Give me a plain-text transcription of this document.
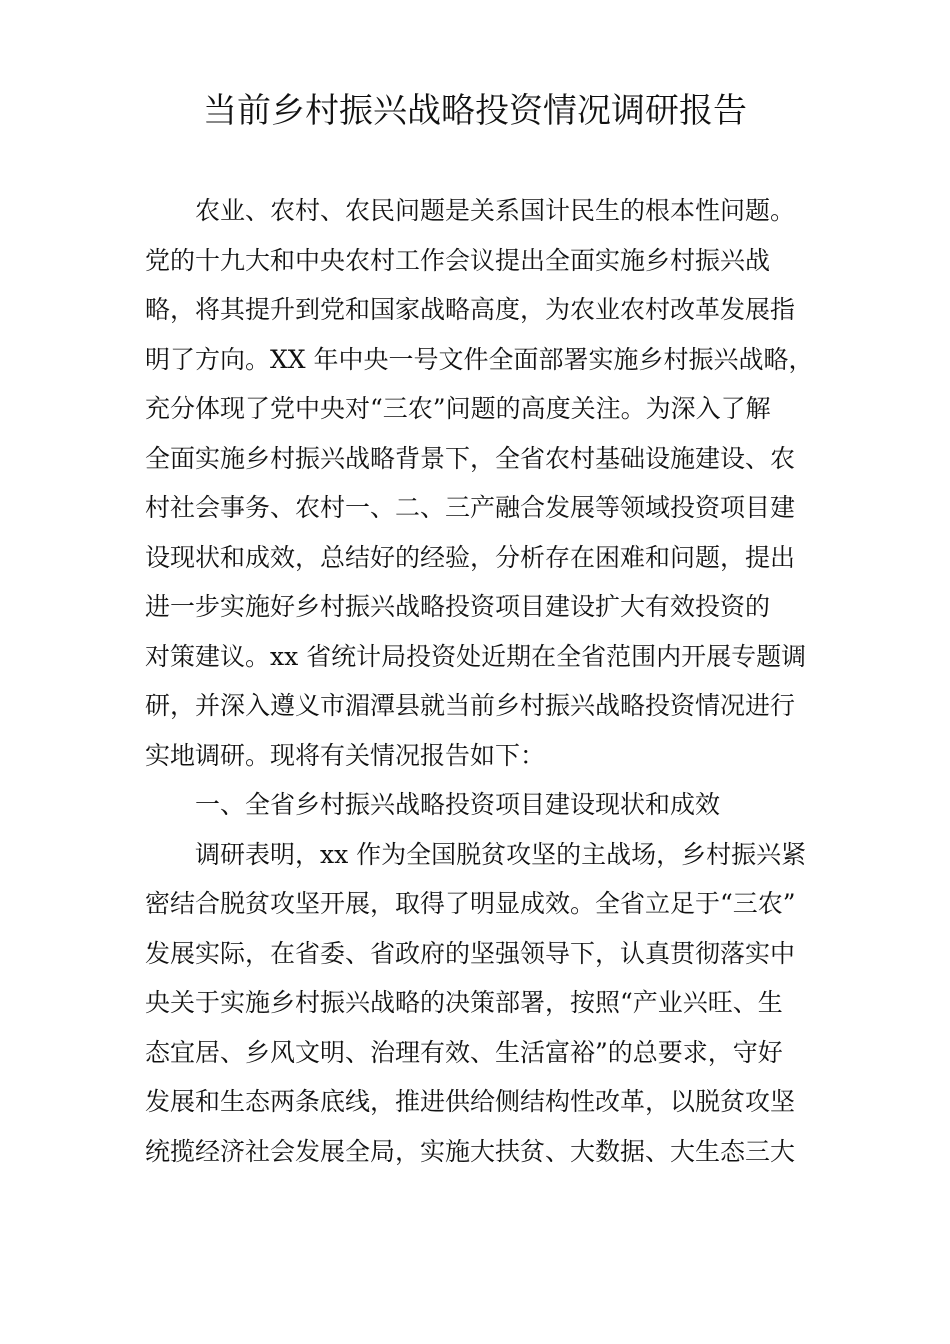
当前乡村振兴战略投资情况调研报告
农业、农村、农民问题是关系国计民生的根本性问题。
党的十九大和中央农村工作会议提出全面实施乡村振兴战
略，将其提升到党和国家战略高度，为农业农村改革发展指
明了方向。XX 年中央一号文件全面部署实施乡村振兴战略，
充分体现了党中央对“三农”问题的高度关注。为深入了解
全面实施乡村振兴战略背景下，全省农村基础设施建设、农
村社会事务、农村一、二、三产融合发展等领域投资项目建
设现状和成效，总结好的经验，分析存在困难和问题，提出
进一步实施好乡村振兴战略投资项目建设扩大有效投资的
对策建议。xx 省统计局投资处近期在全省范围内开展专题调
研，并深入遵义市湄潭县就当前乡村振兴战略投资情况进行
实地调研。现将有关情况报告如下：
一、全省乡村振兴战略投资项目建设现状和成效
调研表明，xx 作为全国脱贫攻坚的主战场，乡村振兴紧
密结合脱贫攻坚开展，取得了明显成效。全省立足于“三农”
发展实际，在省委、省政府的坚强领导下，认真贯彻落实中
央关于实施乡村振兴战略的决策部署，按照“产业兴旺、生
态宜居、乡风文明、治理有效、生活富裕”的总要求，守好
发展和生态两条底线，推进供给侧结构性改革，以脱贫攻坚
统揽经济社会发展全局，实施大扶贫、大数据、大生态三大
